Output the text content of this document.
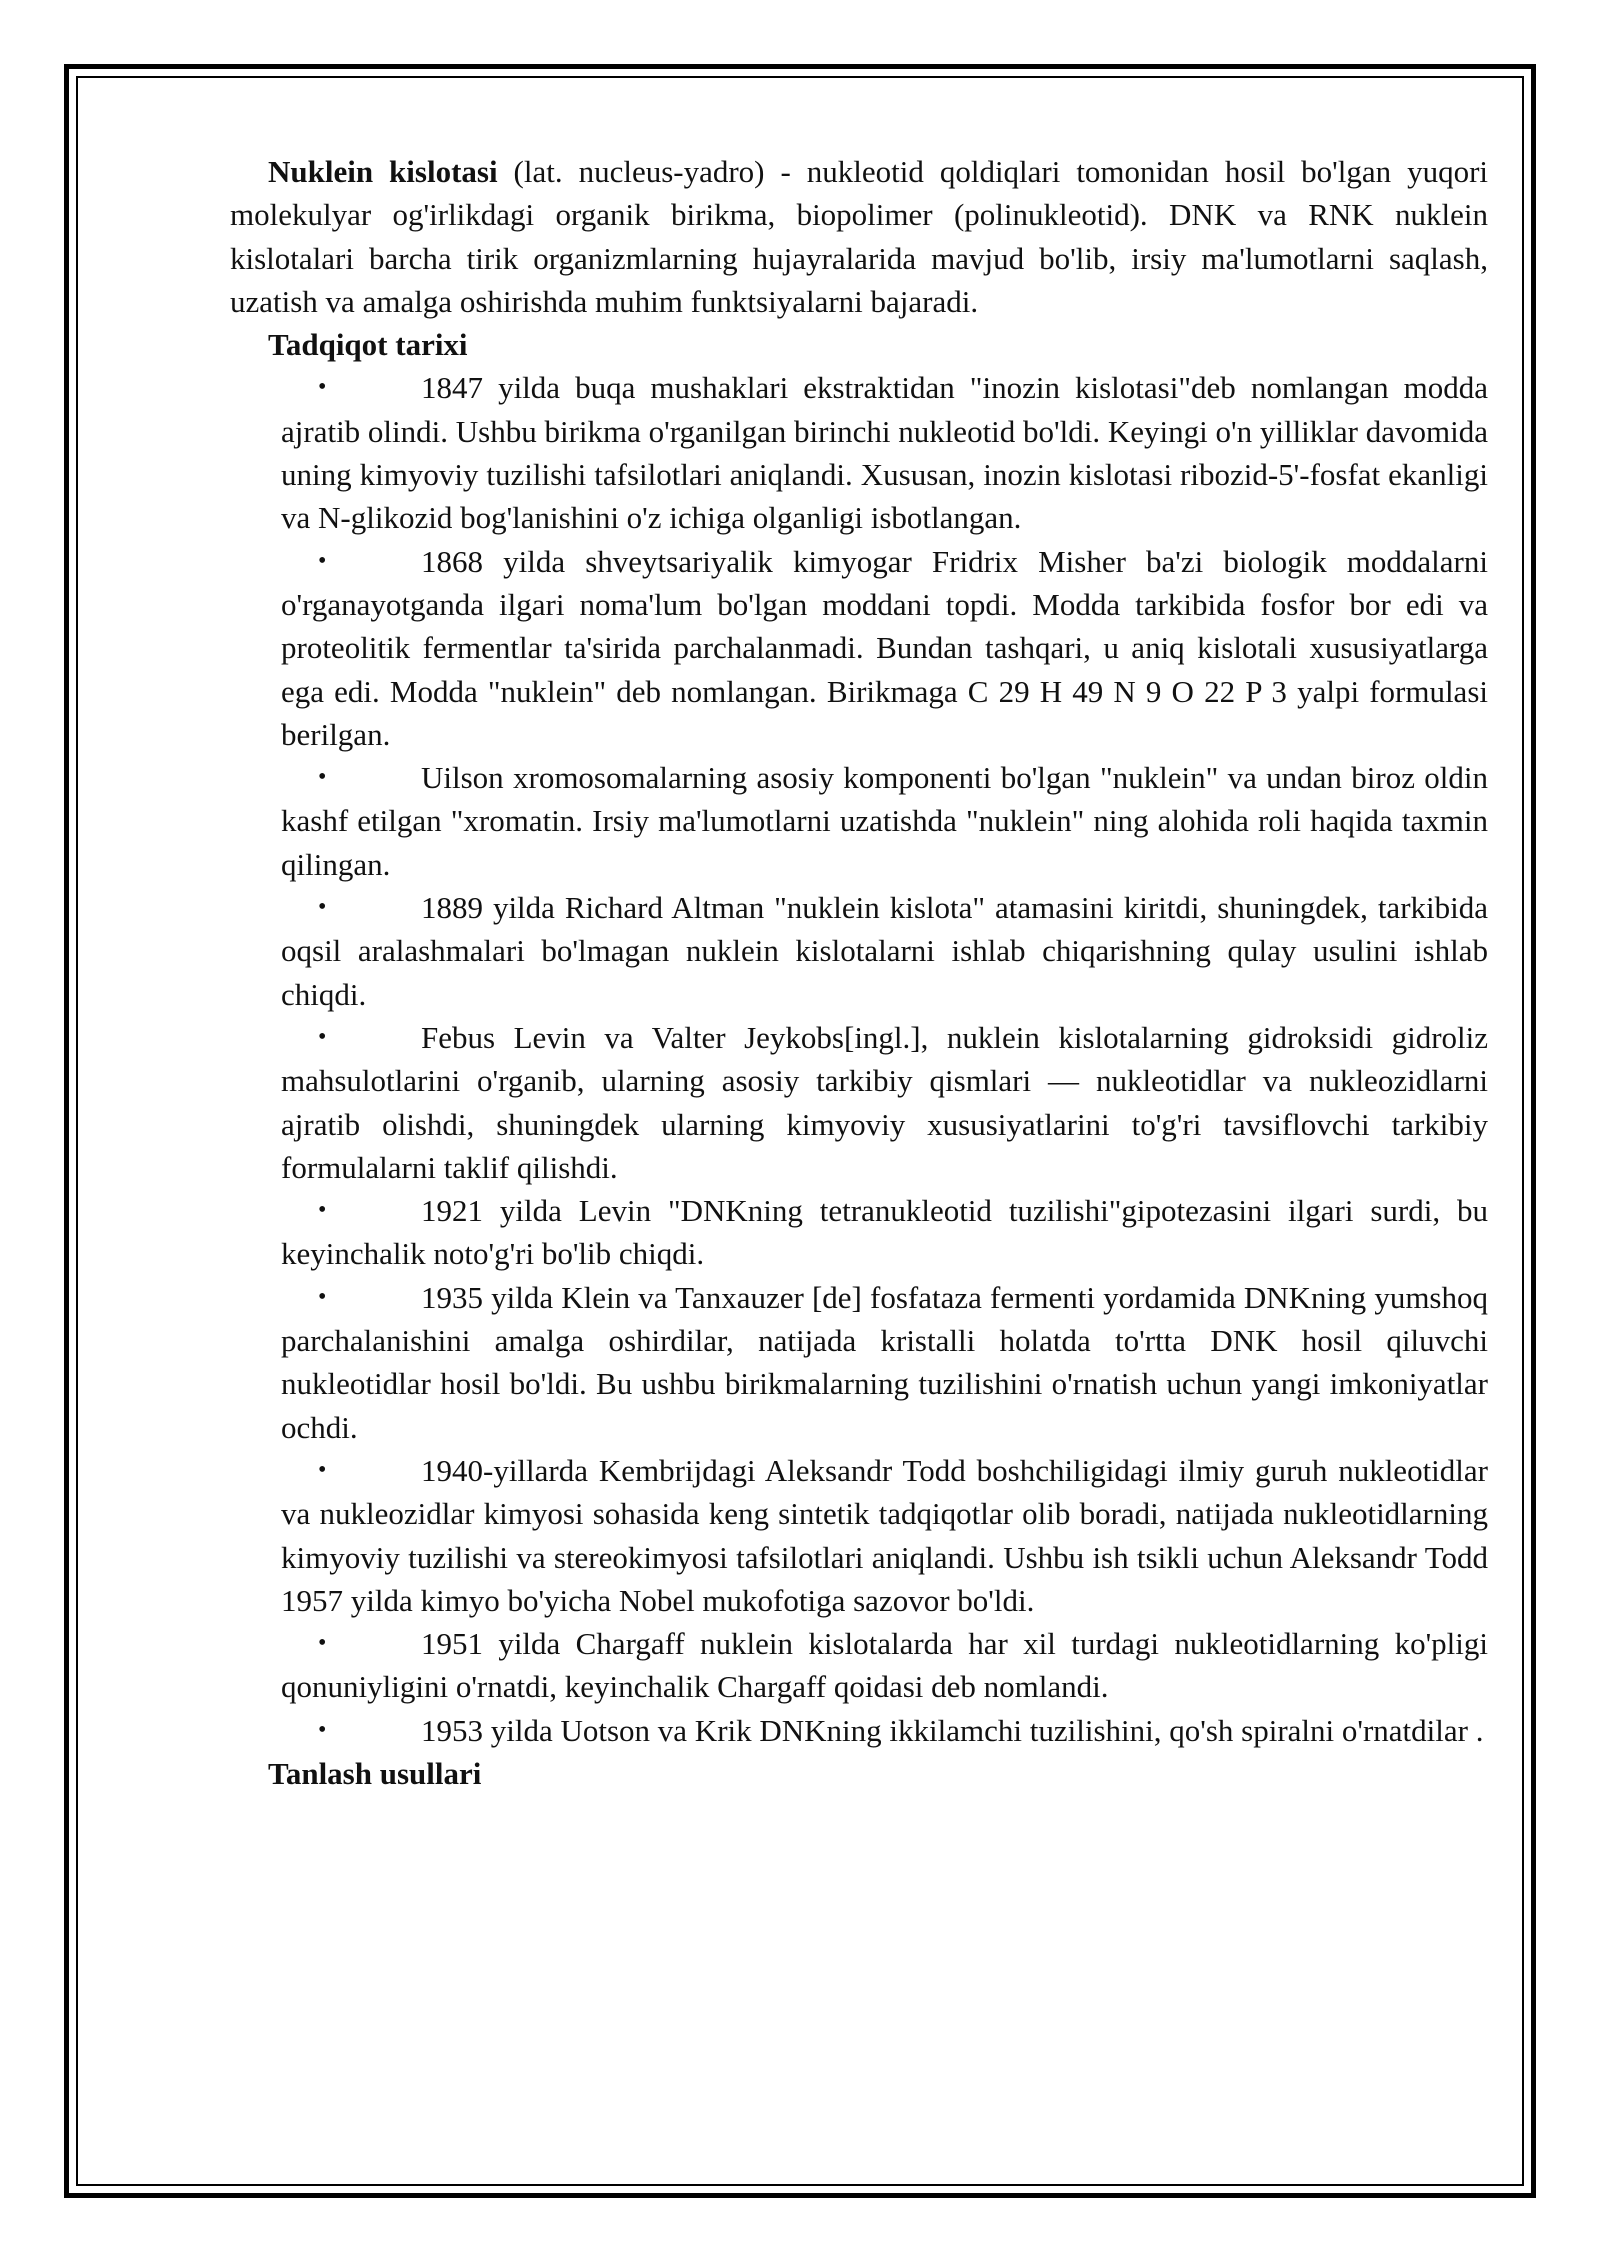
Nuklein kislotasi (lat. nucleus-yadro) - nukleotid qoldiqlari tomonidan hosil bo'lgan yuqori molekulyar og'irlikdagi organik birikma, biopolimer (polinukleotid). DNK va RNK nuklein kislotalari barcha tirik organizmlarning hujayralarida mavjud bo'lib, irsiy ma'lumotlarni saqlash, uzatish va amalga oshirishda muhim funktsiyalarni bajaradi.

Tadqiqot tarixi

•	1847 yilda buqa mushaklari ekstraktidan "inozin kislotasi"deb nomlangan modda ajratib olindi. Ushbu birikma o'rganilgan birinchi nukleotid bo'ldi. Keyingi o'n yilliklar davomida uning kimyoviy tuzilishi tafsilotlari aniqlandi. Xususan, inozin kislotasi ribozid-5'-fosfat ekanligi va N-glikozid bog'lanishini o'z ichiga olganligi isbotlangan.
•	1868 yilda shveytsariyalik kimyogar Fridrix Misher ba'zi biologik moddalarni o'rganayotganda ilgari noma'lum bo'lgan moddani topdi. Modda tarkibida fosfor bor edi va proteolitik fermentlar ta'sirida parchalanmadi. Bundan tashqari, u aniq kislotali xususiyatlarga ega edi. Modda "nuklein" deb nomlangan. Birikmaga C 29 H 49 N 9 O 22 P 3 yalpi formulasi berilgan.
•	Uilson xromosomalarning asosiy komponenti bo'lgan "nuklein" va undan biroz oldin kashf etilgan "xromatin. Irsiy ma'lumotlarni uzatishda "nuklein" ning alohida roli haqida taxmin qilingan.
•	1889 yilda Richard Altman "nuklein kislota" atamasini kiritdi, shuningdek, tarkibida oqsil aralashmalari bo'lmagan nuklein kislotalarni ishlab chiqarishning qulay usulini ishlab chiqdi.
•	Febus Levin va Valter Jeykobs[ingl.], nuklein kislotalarning gidroksidi gidroliz mahsulotlarini o'rganib, ularning asosiy tarkibiy qismlari — nukleotidlar va nukleozidlarni ajratib olishdi, shuningdek ularning kimyoviy xususiyatlarini to'g'ri tavsiflovchi tarkibiy formulalarni taklif qilishdi.
•	1921 yilda Levin "DNKning tetranukleotid tuzilishi"gipotezasini ilgari surdi, bu keyinchalik noto'g'ri bo'lib chiqdi.
•	1935 yilda Klein va Tanxauzer [de] fosfataza fermenti yordamida DNKning yumshoq parchalanishini amalga oshirdilar, natijada kristalli holatda to'rtta DNK hosil qiluvchi nukleotidlar hosil bo'ldi. Bu ushbu birikmalarning tuzilishini o'rnatish uchun yangi imkoniyatlar ochdi.
•	1940-yillarda Kembrijdagi Aleksandr Todd boshchiligidagi ilmiy guruh nukleotidlar va nukleozidlar kimyosi sohasida keng sintetik tadqiqotlar olib boradi, natijada nukleotidlarning kimyoviy tuzilishi va stereokimyosi tafsilotlari aniqlandi. Ushbu ish tsikli uchun Aleksandr Todd 1957 yilda kimyo bo'yicha Nobel mukofotiga sazovor bo'ldi.
•	1951 yilda Chargaff nuklein kislotalarda har xil turdagi nukleotidlarning ko'pligi qonuniyligini o'rnatdi, keyinchalik Chargaff qoidasi deb nomlandi.
•	1953 yilda Uotson va Krik DNKning ikkilamchi tuzilishini, qo'sh spiralni o'rnatdilar .

Tanlash usullari
